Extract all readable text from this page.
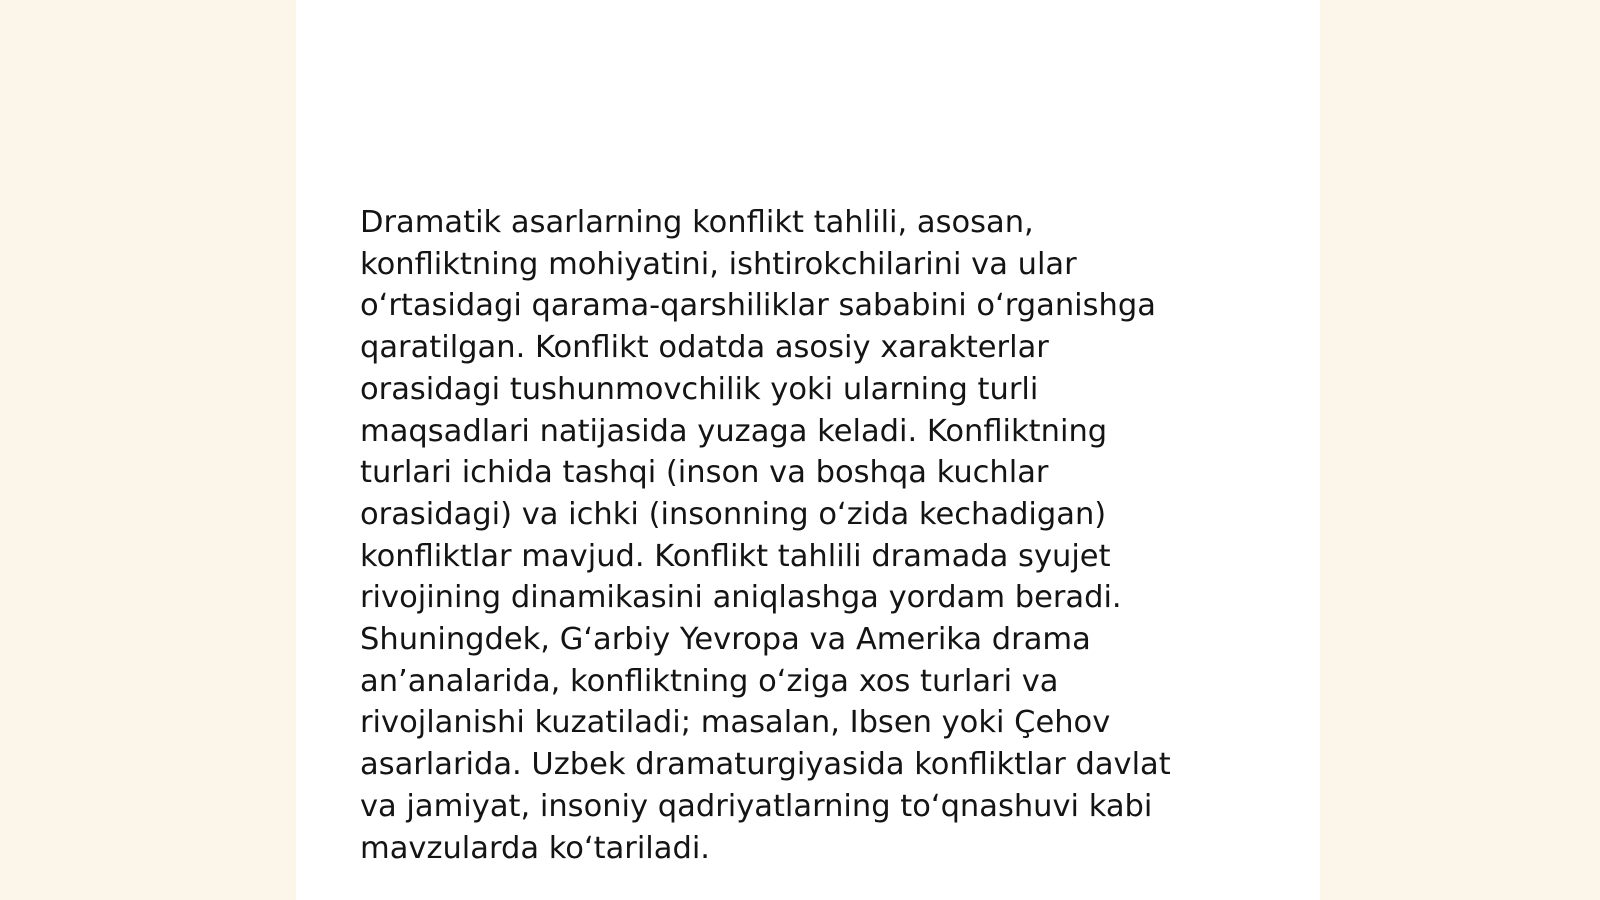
Dramatik asarlarning konflikt tahlili, asosan,
konfliktning mohiyatini, ishtirokchilarini va ular
o‘rtasidagi qarama-qarshiliklar sababini o‘rganishga
qaratilgan. Konflikt odatda asosiy xarakterlar
orasidagi tushunmovchilik yoki ularning turli
maqsadlari natijasida yuzaga keladi. Konfliktning
turlari ichida tashqi (inson va boshqa kuchlar
orasidagi) va ichki (insonning o‘zida kechadigan)
konfliktlar mavjud. Konflikt tahlili dramada syujet
rivojining dinamikasini aniqlashga yordam beradi.
Shuningdek, G‘arbiy Yevropa va Amerika drama
an’analarida, konfliktning o‘ziga xos turlari va
rivojlanishi kuzatiladi; masalan, Ibsen yoki Çehov
asarlarida. Uzbek dramaturgiyasida konfliktlar davlat
va jamiyat, insoniy qadriyatlarning to‘qnashuvi kabi
mavzularda ko‘tariladi.
